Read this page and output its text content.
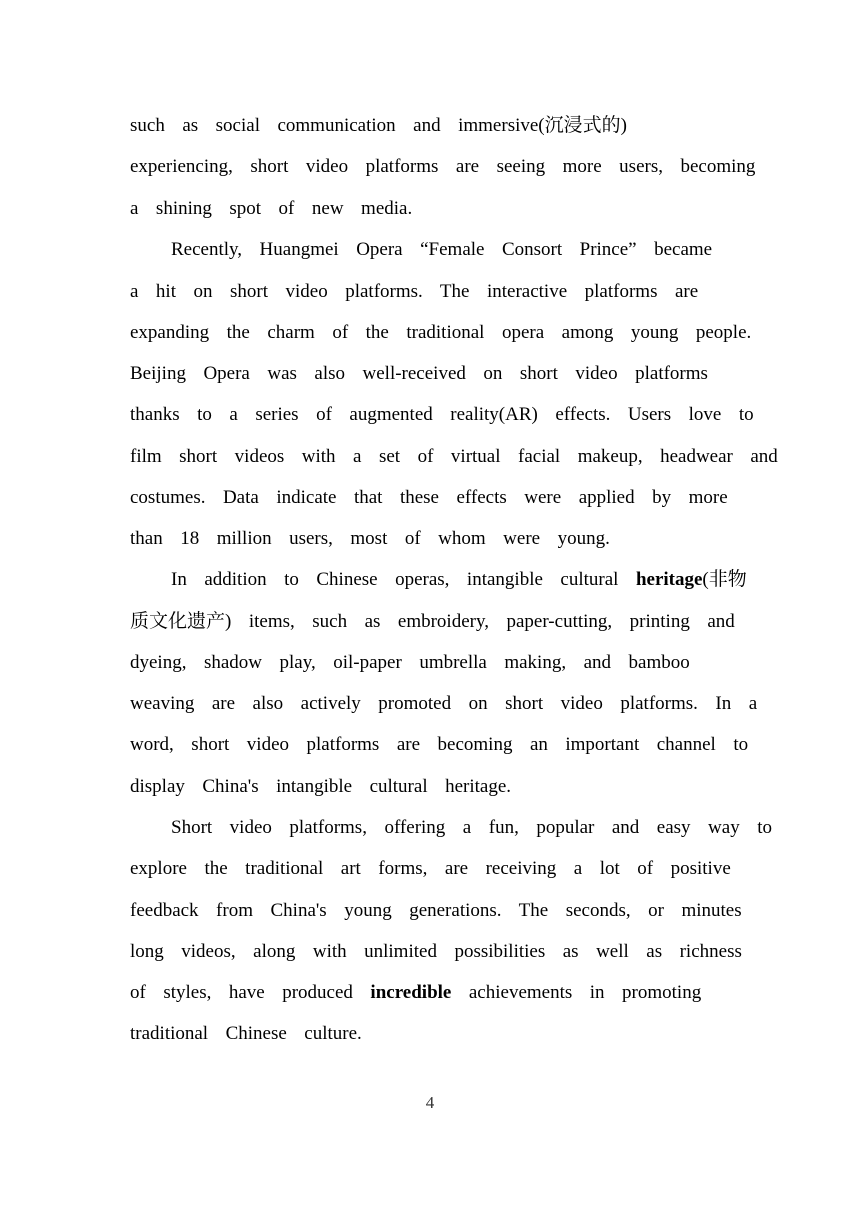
such  as  social  communication  and  immersive(沉浸式的)
experiencing,  short  video  platforms  are  seeing  more  users,  becoming
a  shining  spot  of  new  media.
Recently,  Huangmei  Opera  “Female  Consort  Prince”  became
a  hit  on  short  video  platforms.  The  interactive  platforms  are
expanding  the  charm  of  the  traditional  opera  among  young  people.
Beijing  Opera  was  also  well-received  on  short  video  platforms
thanks  to  a  series  of  augmented  reality(AR)  effects.  Users  love  to
film  short  videos  with  a  set  of  virtual  facial  makeup,  headwear  and
costumes.  Data  indicate  that  these  effects  were  applied  by  more
than  18  million  users,  most  of  whom  were  young.
In  addition  to  Chinese  operas,  intangible  cultural  heritage(非物
质文化遗产)  items,  such  as  embroidery,  paper-cutting,  printing  and
dyeing,  shadow  play,  oil-paper  umbrella  making,  and  bamboo
weaving  are  also  actively  promoted  on  short  video  platforms.  In  a
word,  short  video  platforms  are  becoming  an  important  channel  to
display  China's  intangible  cultural  heritage.
Short  video  platforms,  offering  a  fun,  popular  and  easy  way  to
explore  the  traditional  art  forms,  are  receiving  a  lot  of  positive
feedback  from  China's  young  generations.  The  seconds,  or  minutes
long  videos,  along  with  unlimited  possibilities  as  well  as  richness
of  styles,  have  produced  incredible  achievements  in  promoting
traditional  Chinese  culture.
4
